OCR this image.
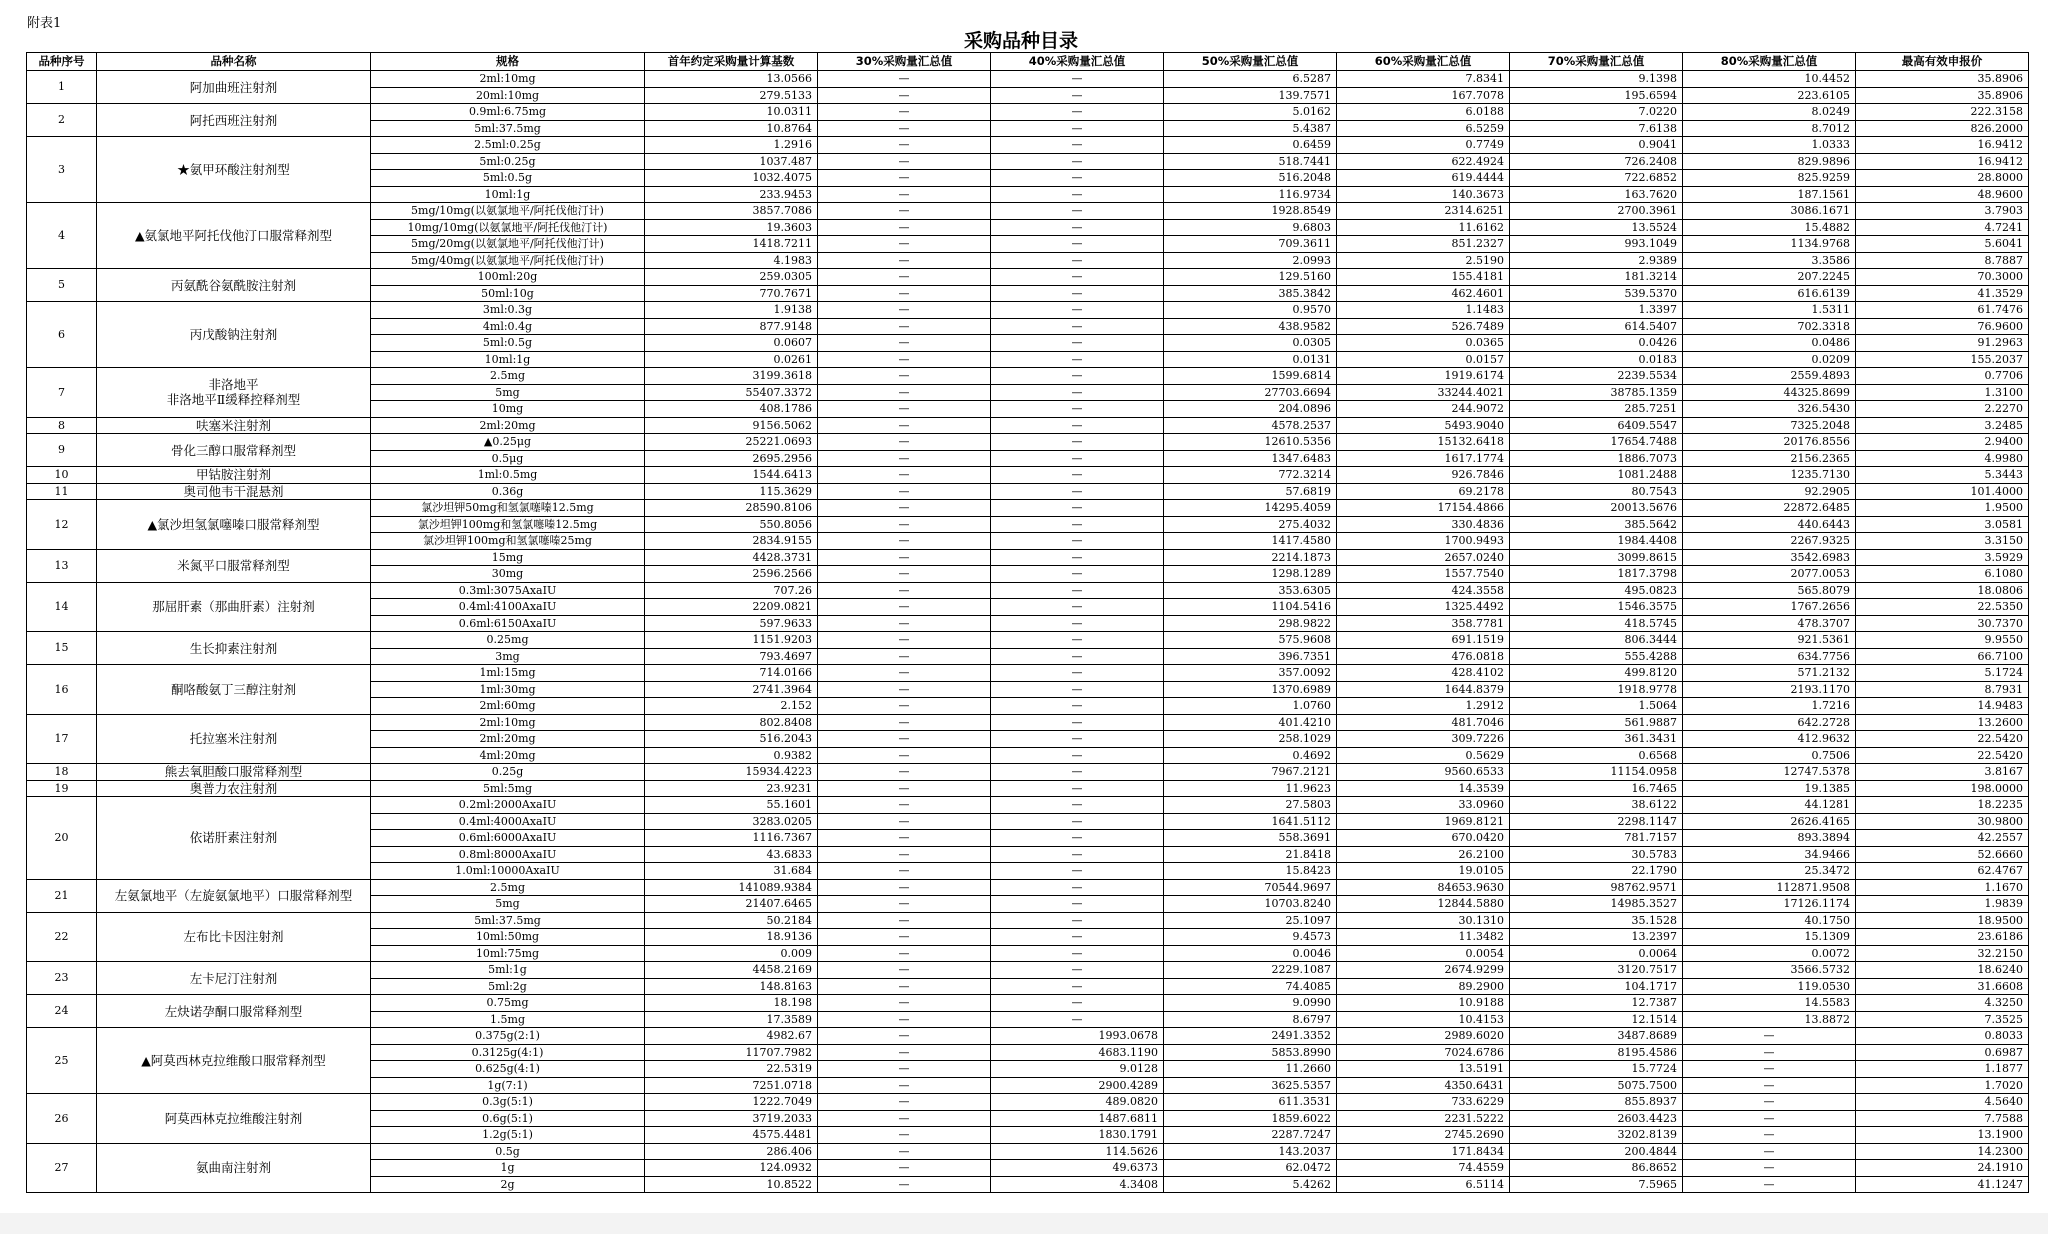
附表1
采购品种目录
品种序号	品种名称	规格	首年约定采购量计算基数	30%采购量汇总值	40%采购量汇总值	50%采购量汇总值	60%采购量汇总值	70%采购量汇总值	80%采购量汇总值	最高有效申报价
1	阿加曲班注射剂	2ml:10mg	13.0566	—	—	6.5287	7.8341	9.1398	10.4452	35.8906
		20ml:10mg	279.5133	—	—	139.7571	167.7078	195.6594	223.6105	35.8906
2	阿托西班注射剂	0.9ml:6.75mg	10.0311	—	—	5.0162	6.0188	7.0220	8.0249	222.3158
		5ml:37.5mg	10.8764	—	—	5.4387	6.5259	7.6138	8.7012	826.2000
3	★氨甲环酸注射剂型	2.5ml:0.25g	1.2916	—	—	0.6459	0.7749	0.9041	1.0333	16.9412
		5ml:0.25g	1037.487	—	—	518.7441	622.4924	726.2408	829.9896	16.9412
		5ml:0.5g	1032.4075	—	—	516.2048	619.4444	722.6852	825.9259	28.8000
		10ml:1g	233.9453	—	—	116.9734	140.3673	163.7620	187.1561	48.9600
4	▲氨氯地平阿托伐他汀口服常释剂型	5mg/10mg(以氨氯地平/阿托伐他汀计)	3857.7086	—	—	1928.8549	2314.6251	2700.3961	3086.1671	3.7903
		10mg/10mg(以氨氯地平/阿托伐他汀计)	19.3603	—	—	9.6803	11.6162	13.5524	15.4882	4.7241
		5mg/20mg(以氨氯地平/阿托伐他汀计)	1418.7211	—	—	709.3611	851.2327	993.1049	1134.9768	5.6041
		5mg/40mg(以氨氯地平/阿托伐他汀计)	4.1983	—	—	2.0993	2.5190	2.9389	3.3586	8.7887
5	丙氨酰谷氨酰胺注射剂	100ml:20g	259.0305	—	—	129.5160	155.4181	181.3214	207.2245	70.3000
		50ml:10g	770.7671	—	—	385.3842	462.4601	539.5370	616.6139	41.3529
6	丙戊酸钠注射剂	3ml:0.3g	1.9138	—	—	0.9570	1.1483	1.3397	1.5311	61.7476
		4ml:0.4g	877.9148	—	—	438.9582	526.7489	614.5407	702.3318	76.9600
		5ml:0.5g	0.0607	—	—	0.0305	0.0365	0.0426	0.0486	91.2963
		10ml:1g	0.0261	—	—	0.0131	0.0157	0.0183	0.0209	155.2037
7	非洛地平
非洛地平Ⅱ缓释控释剂型	2.5mg	3199.3618	—	—	1599.6814	1919.6174	2239.5534	2559.4893	0.7706
		5mg	55407.3372	—	—	27703.6694	33244.4021	38785.1359	44325.8699	1.3100
		10mg	408.1786	—	—	204.0896	244.9072	285.7251	326.5430	2.2270
8	呋塞米注射剂	2ml:20mg	9156.5062	—	—	4578.2537	5493.9040	6409.5547	7325.2048	3.2485
9	骨化三醇口服常释剂型	▲0.25μg	25221.0693	—	—	12610.5356	15132.6418	17654.7488	20176.8556	2.9400
		0.5μg	2695.2956	—	—	1347.6483	1617.1774	1886.7073	2156.2365	4.9980
10	甲钴胺注射剂	1ml:0.5mg	1544.6413	—	—	772.3214	926.7846	1081.2488	1235.7130	5.3443
11	奥司他韦干混悬剂	0.36g	115.3629	—	—	57.6819	69.2178	80.7543	92.2905	101.4000
12	▲氯沙坦氢氯噻嗪口服常释剂型	氯沙坦钾50mg和氢氯噻嗪12.5mg	28590.8106	—	—	14295.4059	17154.4866	20013.5676	22872.6485	1.9500
		氯沙坦钾100mg和氢氯噻嗪12.5mg	550.8056	—	—	275.4032	330.4836	385.5642	440.6443	3.0581
		氯沙坦钾100mg和氢氯噻嗪25mg	2834.9155	—	—	1417.4580	1700.9493	1984.4408	2267.9325	3.3150
13	米氮平口服常释剂型	15mg	4428.3731	—	—	2214.1873	2657.0240	3099.8615	3542.6983	3.5929
		30mg	2596.2566	—	—	1298.1289	1557.7540	1817.3798	2077.0053	6.1080
14	那屈肝素（那曲肝素）注射剂	0.3ml:3075AxaIU	707.26	—	—	353.6305	424.3558	495.0823	565.8079	18.0806
		0.4ml:4100AxaIU	2209.0821	—	—	1104.5416	1325.4492	1546.3575	1767.2656	22.5350
		0.6ml:6150AxaIU	597.9633	—	—	298.9822	358.7781	418.5745	478.3707	30.7370
15	生长抑素注射剂	0.25mg	1151.9203	—	—	575.9608	691.1519	806.3444	921.5361	9.9550
		3mg	793.4697	—	—	396.7351	476.0818	555.4288	634.7756	66.7100
16	酮咯酸氨丁三醇注射剂	1ml:15mg	714.0166	—	—	357.0092	428.4102	499.8120	571.2132	5.1724
		1ml:30mg	2741.3964	—	—	1370.6989	1644.8379	1918.9778	2193.1170	8.7931
		2ml:60mg	2.152	—	—	1.0760	1.2912	1.5064	1.7216	14.9483
17	托拉塞米注射剂	2ml:10mg	802.8408	—	—	401.4210	481.7046	561.9887	642.2728	13.2600
		2ml:20mg	516.2043	—	—	258.1029	309.7226	361.3431	412.9632	22.5420
		4ml:20mg	0.9382	—	—	0.4692	0.5629	0.6568	0.7506	22.5420
18	熊去氧胆酸口服常释剂型	0.25g	15934.4223	—	—	7967.2121	9560.6533	11154.0958	12747.5378	3.8167
19	奥普力农注射剂	5ml:5mg	23.9231	—	—	11.9623	14.3539	16.7465	19.1385	198.0000
20	依诺肝素注射剂	0.2ml:2000AxaIU	55.1601	—	—	27.5803	33.0960	38.6122	44.1281	18.2235
		0.4ml:4000AxaIU	3283.0205	—	—	1641.5112	1969.8121	2298.1147	2626.4165	30.9800
		0.6ml:6000AxaIU	1116.7367	—	—	558.3691	670.0420	781.7157	893.3894	42.2557
		0.8ml:8000AxaIU	43.6833	—	—	21.8418	26.2100	30.5783	34.9466	52.6660
		1.0ml:10000AxaIU	31.684	—	—	15.8423	19.0105	22.1790	25.3472	62.4767
21	左氨氯地平（左旋氨氯地平）口服常释剂型	2.5mg	141089.9384	—	—	70544.9697	84653.9630	98762.9571	112871.9508	1.1670
		5mg	21407.6465	—	—	10703.8240	12844.5880	14985.3527	17126.1174	1.9839
22	左布比卡因注射剂	5ml:37.5mg	50.2184	—	—	25.1097	30.1310	35.1528	40.1750	18.9500
		10ml:50mg	18.9136	—	—	9.4573	11.3482	13.2397	15.1309	23.6186
		10ml:75mg	0.009	—	—	0.0046	0.0054	0.0064	0.0072	32.2150
23	左卡尼汀注射剂	5ml:1g	4458.2169	—	—	2229.1087	2674.9299	3120.7517	3566.5732	18.6240
		5ml:2g	148.8163	—	—	74.4085	89.2900	104.1717	119.0530	31.6608
24	左炔诺孕酮口服常释剂型	0.75mg	18.198	—	—	9.0990	10.9188	12.7387	14.5583	4.3250
		1.5mg	17.3589	—	—	8.6797	10.4153	12.1514	13.8872	7.3525
25	▲阿莫西林克拉维酸口服常释剂型	0.375g(2:1)	4982.67	—	1993.0678	2491.3352	2989.6020	3487.8689	—	0.8033
		0.3125g(4:1)	11707.7982	—	4683.1190	5853.8990	7024.6786	8195.4586	—	0.6987
		0.625g(4:1)	22.5319	—	9.0128	11.2660	13.5191	15.7724	—	1.1877
		1g(7:1)	7251.0718	—	2900.4289	3625.5357	4350.6431	5075.7500	—	1.7020
26	阿莫西林克拉维酸注射剂	0.3g(5:1)	1222.7049	—	489.0820	611.3531	733.6229	855.8937	—	4.5640
		0.6g(5:1)	3719.2033	—	1487.6811	1859.6022	2231.5222	2603.4423	—	7.7588
		1.2g(5:1)	4575.4481	—	1830.1791	2287.7247	2745.2690	3202.8139	—	13.1900
27	氨曲南注射剂	0.5g	286.406	—	114.5626	143.2037	171.8434	200.4844	—	14.2300
		1g	124.0932	—	49.6373	62.0472	74.4559	86.8652	—	24.1910
		2g	10.8522	—	4.3408	5.4262	6.5114	7.5965	—	41.1247
